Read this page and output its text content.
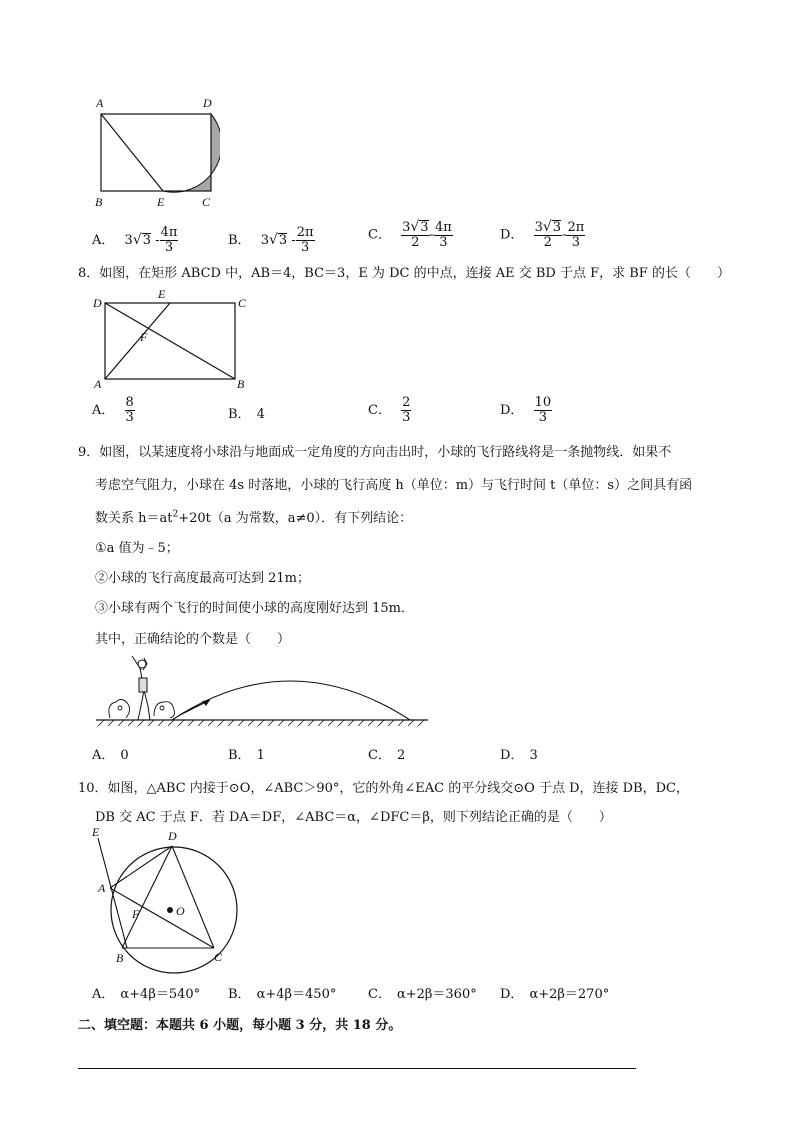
A	D
B	E	C
A． $3√3 - \frac{4\pi}{3}$	B． $3√3 - \frac{2\pi}{3}$	C． $\frac{3√3}{2} - \frac{4\pi}{3}$	D． $\frac{3√3}{2} - \frac{2\pi}{3}$
8．如图，在矩形 ABCD 中，AB＝4，BC＝3，E 为 DC 的中点，连接 AE 交 BD 于点 F，求 BF 的长（　　）
D
E
C
F
A	B
A． $\frac{8}{3}$	B． 4	C． $\frac{2}{3}$	D． $\frac{10}{3}$
9．如图，以某速度将小球沿与地面成一定角度的方向击出时，小球的飞行路线将是一条抛物线．如果不
考虑空气阻力，小球在 4s 时落地，小球的飞行高度 h（单位：m）与飞行时间 t（单位：s）之间具有函
数关系 $h=at^2+20t(a$ 为常数，a≠0）．有下列结论：
①a 值为﹣5；
②小球的飞行高度最高可达到 21m；
③小球有两个飞行的时间使小球的高度刚好达到 15m．
其中，正确结论的个数是（　　）
A． 0	B． 1	C． 2	D． 3
10．如图，△ABC 内接于⊙O，∠ABC＞90°，它的外角∠EAC 的平分线交⊙O 于点 D，连接 DB，DC，
DB 交 AC 于点 F．若 DA＝DF，∠ABC＝α，∠DFC＝β，则下列结论正确的是（　　）
E	D
A
F	O
B	C
A． α+4β＝540° B． α+4β＝450° C． α+2β＝360° D． α+2β＝270°
二、填空题：本题共 6 小题，每小题 3 分，共 18 分。
